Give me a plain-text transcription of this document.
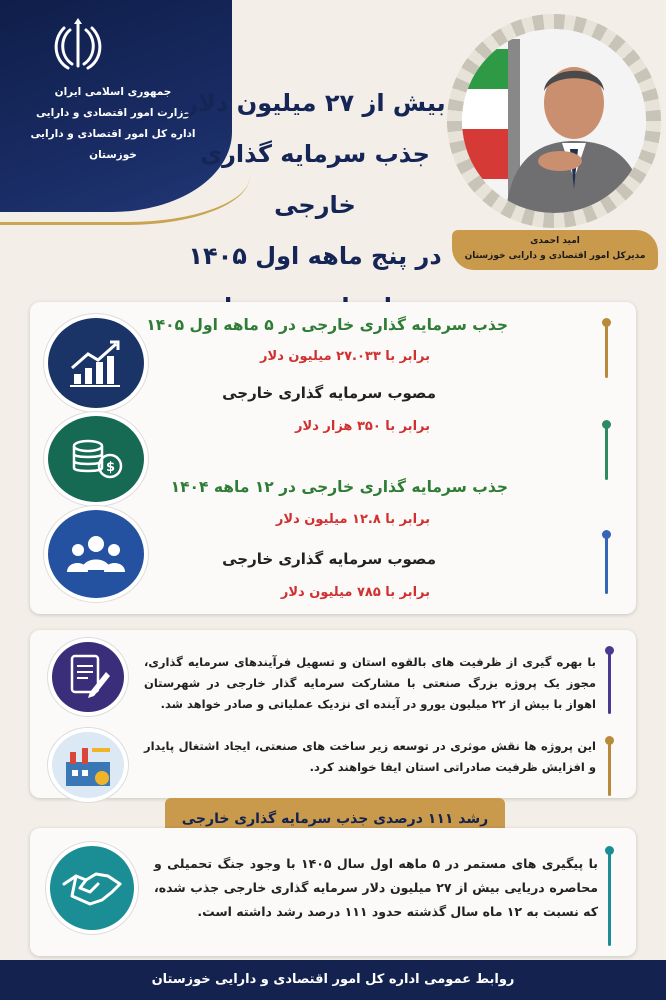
جمهوری اسلامی ایران
وزارت امور اقتصادی و دارایی
اداره کل امور اقتصادی و دارایی خوزستان
بیش از ۲۷ میلیون دلار
جذب سرمایه گذاری خارجی
در پنج ماهه اول ۱۴۰۵
امید احمدی
مدیرکل امور اقتصادی و دارایی خوزستان
$
جذب سرمایه گذاری خارجی در ۵ ماهه اول ۱۴۰۵
برابر با ۲۷.۰۳۳ میلیون دلار
مصوب سرمایه گذاری خارجی
برابر با ۳۵۰ هزار دلار
جذب سرمایه گذاری خارجی در ۱۲ ماهه ۱۴۰۴
برابر با ۱۲.۸ میلیون دلار
مصوب سرمایه گذاری خارجی
برابر با ۷۸۵ میلیون دلار
با بهره گیری از ظرفیت های بالقوه استان و تسهیل فرآیندهای سرمایه گذاری، مجوز یک پروژه بزرگ صنعتی با مشارکت سرمایه گذار خارجی در شهرستان اهواز با بیش از ۲۲ میلیون یورو در آینده ای نزدیک عملیاتی و صادر خواهد شد.
این پروژه ها نقش موثری در توسعه زیر ساخت های صنعتی، ایجاد اشتغال پایدار و افزایش ظرفیت صادراتی استان ایفا خواهند کرد.
رشد ۱۱۱ درصدی جذب سرمایه گذاری خارجی
با پیگیری های مستمر در ۵ ماهه اول سال ۱۴۰۵ با وجود جنگ تحمیلی و محاصره دریایی بیش از ۲۷ میلیون دلار سرمایه گذاری خارجی جذب شده، که نسبت به ۱۲ ماه سال گذشته حدود ۱۱۱ درصد رشد داشته است.
روابط عمومی اداره کل امور اقتصادی و دارایی خوزستان
